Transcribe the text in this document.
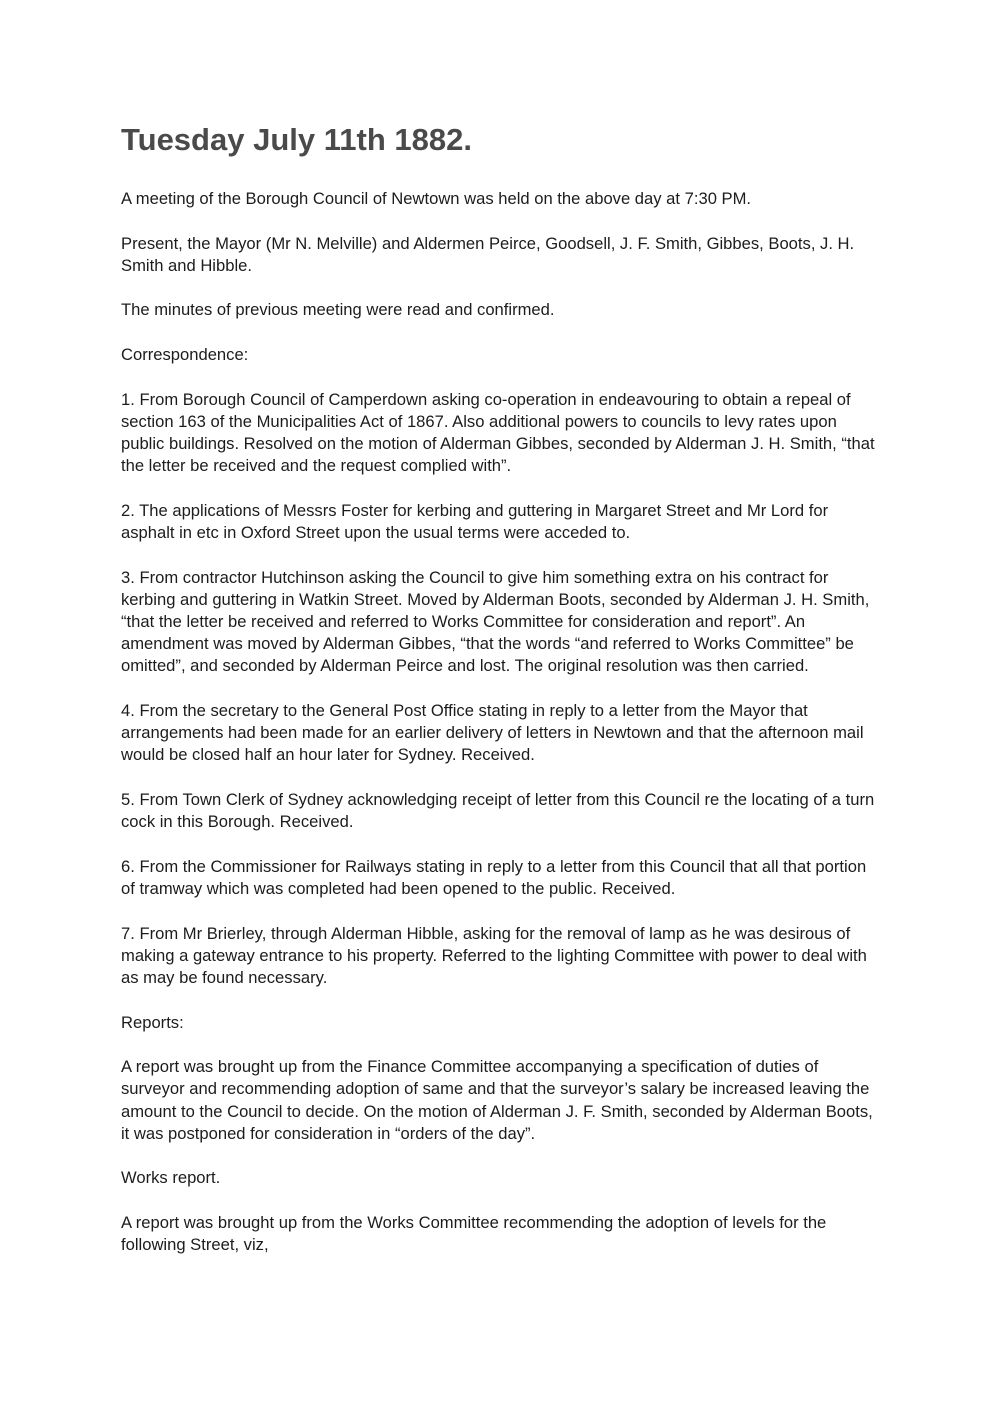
Tuesday July 11th 1882.

A meeting of the Borough Council of Newtown was held on the above day at 7:30 PM.

Present, the Mayor (Mr N. Melville) and Aldermen Peirce, Goodsell, J. F. Smith, Gibbes, Boots, J. H. Smith and Hibble.

The minutes of previous meeting were read and confirmed.

Correspondence:

1. From Borough Council of Camperdown asking co-operation in endeavouring to obtain a repeal of section 163 of the Municipalities Act of 1867. Also additional powers to councils to levy rates upon public buildings. Resolved on the motion of Alderman Gibbes, seconded by Alderman J. H. Smith, “that the letter be received and the request complied with”.

2. The applications of Messrs Foster for kerbing and guttering in Margaret Street and Mr Lord for asphalt in etc in Oxford Street upon the usual terms were acceded to.

3. From contractor Hutchinson asking the Council to give him something extra on his contract for kerbing and guttering in Watkin Street. Moved by Alderman Boots, seconded by Alderman J. H. Smith, “that the letter be received and referred to Works Committee for consideration and report”. An amendment was moved by Alderman Gibbes, “that the words “and referred to Works Committee” be omitted”, and seconded by Alderman Peirce and lost. The original resolution was then carried.

4. From the secretary to the General Post Office stating in reply to a letter from the Mayor that arrangements had been made for an earlier delivery of letters in Newtown and that the afternoon mail would be closed half an hour later for Sydney. Received.

5. From Town Clerk of Sydney acknowledging receipt of letter from this Council re the locating of a turn cock in this Borough. Received.

6. From the Commissioner for Railways stating in reply to a letter from this Council that all that portion of tramway which was completed had been opened to the public. Received.

7. From Mr Brierley, through Alderman Hibble, asking for the removal of lamp as he was desirous of making a gateway entrance to his property. Referred to the lighting Committee with power to deal with as may be found necessary.

Reports:

A report was brought up from the Finance Committee accompanying a specification of duties of surveyor and recommending adoption of same and that the surveyor’s salary be increased leaving the amount to the Council to decide. On the motion of Alderman J. F. Smith, seconded by Alderman Boots, it was postponed for consideration in “orders of the day”.

Works report.

A report was brought up from the Works Committee recommending the adoption of levels for the following Street, viz,
